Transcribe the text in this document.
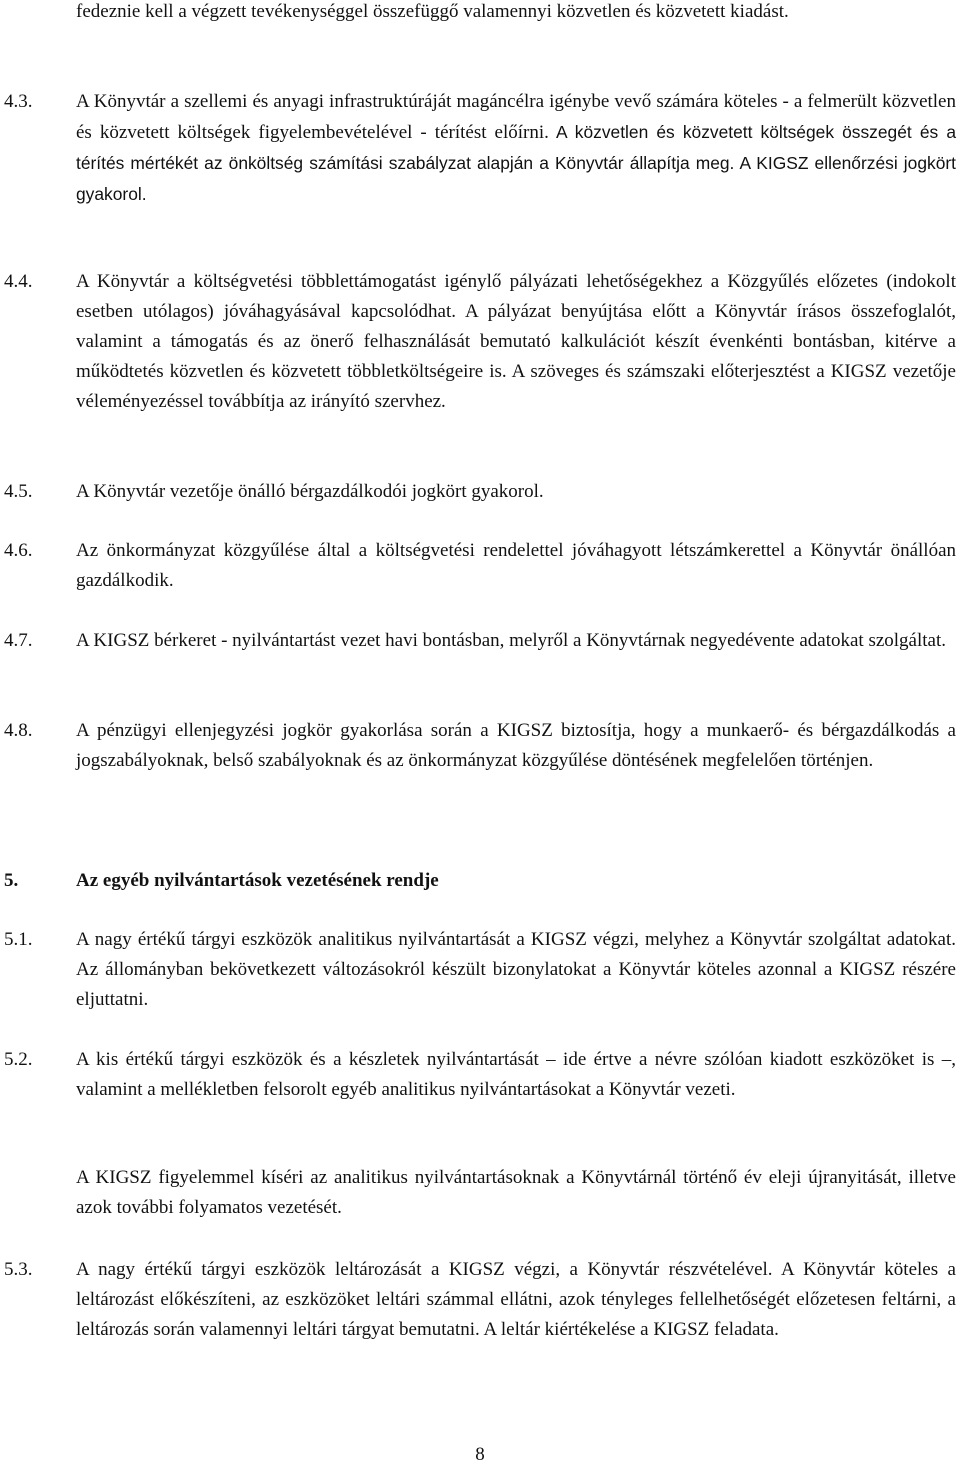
fedeznie kell a végzett tevékenységgel összefüggő valamennyi közvetlen és közvetett kiadást.
4.3. A Könyvtár a szellemi és anyagi infrastruktúráját magáncélra igénybe vevő számára köteles - a felmerült közvetlen és közvetett költségek figyelembevételével - térítést előírni. A közvetlen és közvetett költségek összegét és a térítés mértékét az önköltség számítási szabályzat alapján a Könyvtár állapítja meg. A KIGSZ ellenőrzési jogkört gyakorol.
4.4. A Könyvtár a költségvetési többlettámogatást igénylő pályázati lehetőségekhez a Közgyűlés előzetes (indokolt esetben utólagos) jóváhagyásával kapcsolódhat. A pályázat benyújtása előtt a Könyvtár írásos összefoglalót, valamint a támogatás és az önerő felhasználását bemutató kalkulációt készít évenkénti bontásban, kitérve a működtetés közvetlen és közvetett többletköltségeire is. A szöveges és számszaki előterjesztést a KIGSZ vezetője véleményezéssel továbbítja az irányító szervhez.
4.5. A Könyvtár vezetője önálló bérgazdálkodói jogkört gyakorol.
4.6. Az önkormányzat közgyűlése által a költségvetési rendelettel jóváhagyott létszámkerettel a Könyvtár önállóan gazdálkodik.
4.7. A KIGSZ bérkeret - nyilvántartást vezet havi bontásban, melyről a Könyvtárnak negyedévente adatokat szolgáltat.
4.8. A pénzügyi ellenjegyzési jogkör gyakorlása során a KIGSZ biztosítja, hogy a munkaerő- és bérgazdálkodás a jogszabályoknak, belső szabályoknak és az önkormányzat közgyűlése döntésének megfelelően történjen.
5.	Az egyéb nyilvántartások vezetésének rendje
5.1. A nagy értékű tárgyi eszközök analitikus nyilvántartását a KIGSZ végzi, melyhez a Könyvtár szolgáltat adatokat. Az állományban bekövetkezett változásokról készült bizonylatokat a Könyvtár köteles azonnal a KIGSZ részére eljuttatni.
5.2. A kis értékű tárgyi eszközök és a készletek nyilvántartását – ide értve a névre szólóan kiadott eszközöket is –, valamint a mellékletben felsorolt egyéb analitikus nyilvántartásokat a Könyvtár vezeti.
A KIGSZ figyelemmel kíséri az analitikus nyilvántartásoknak a Könyvtárnál történő év eleji újranyitását, illetve azok további folyamatos vezetését.
5.3. A nagy értékű tárgyi eszközök leltározását a KIGSZ végzi, a Könyvtár részvételével. A Könyvtár köteles a leltározást előkészíteni, az eszközöket leltári számmal ellátni, azok tényleges fellelhetőségét előzetesen feltárni, a leltározás során valamennyi leltári tárgyat bemutatni. A leltár kiértékelése a KIGSZ feladata.
8
